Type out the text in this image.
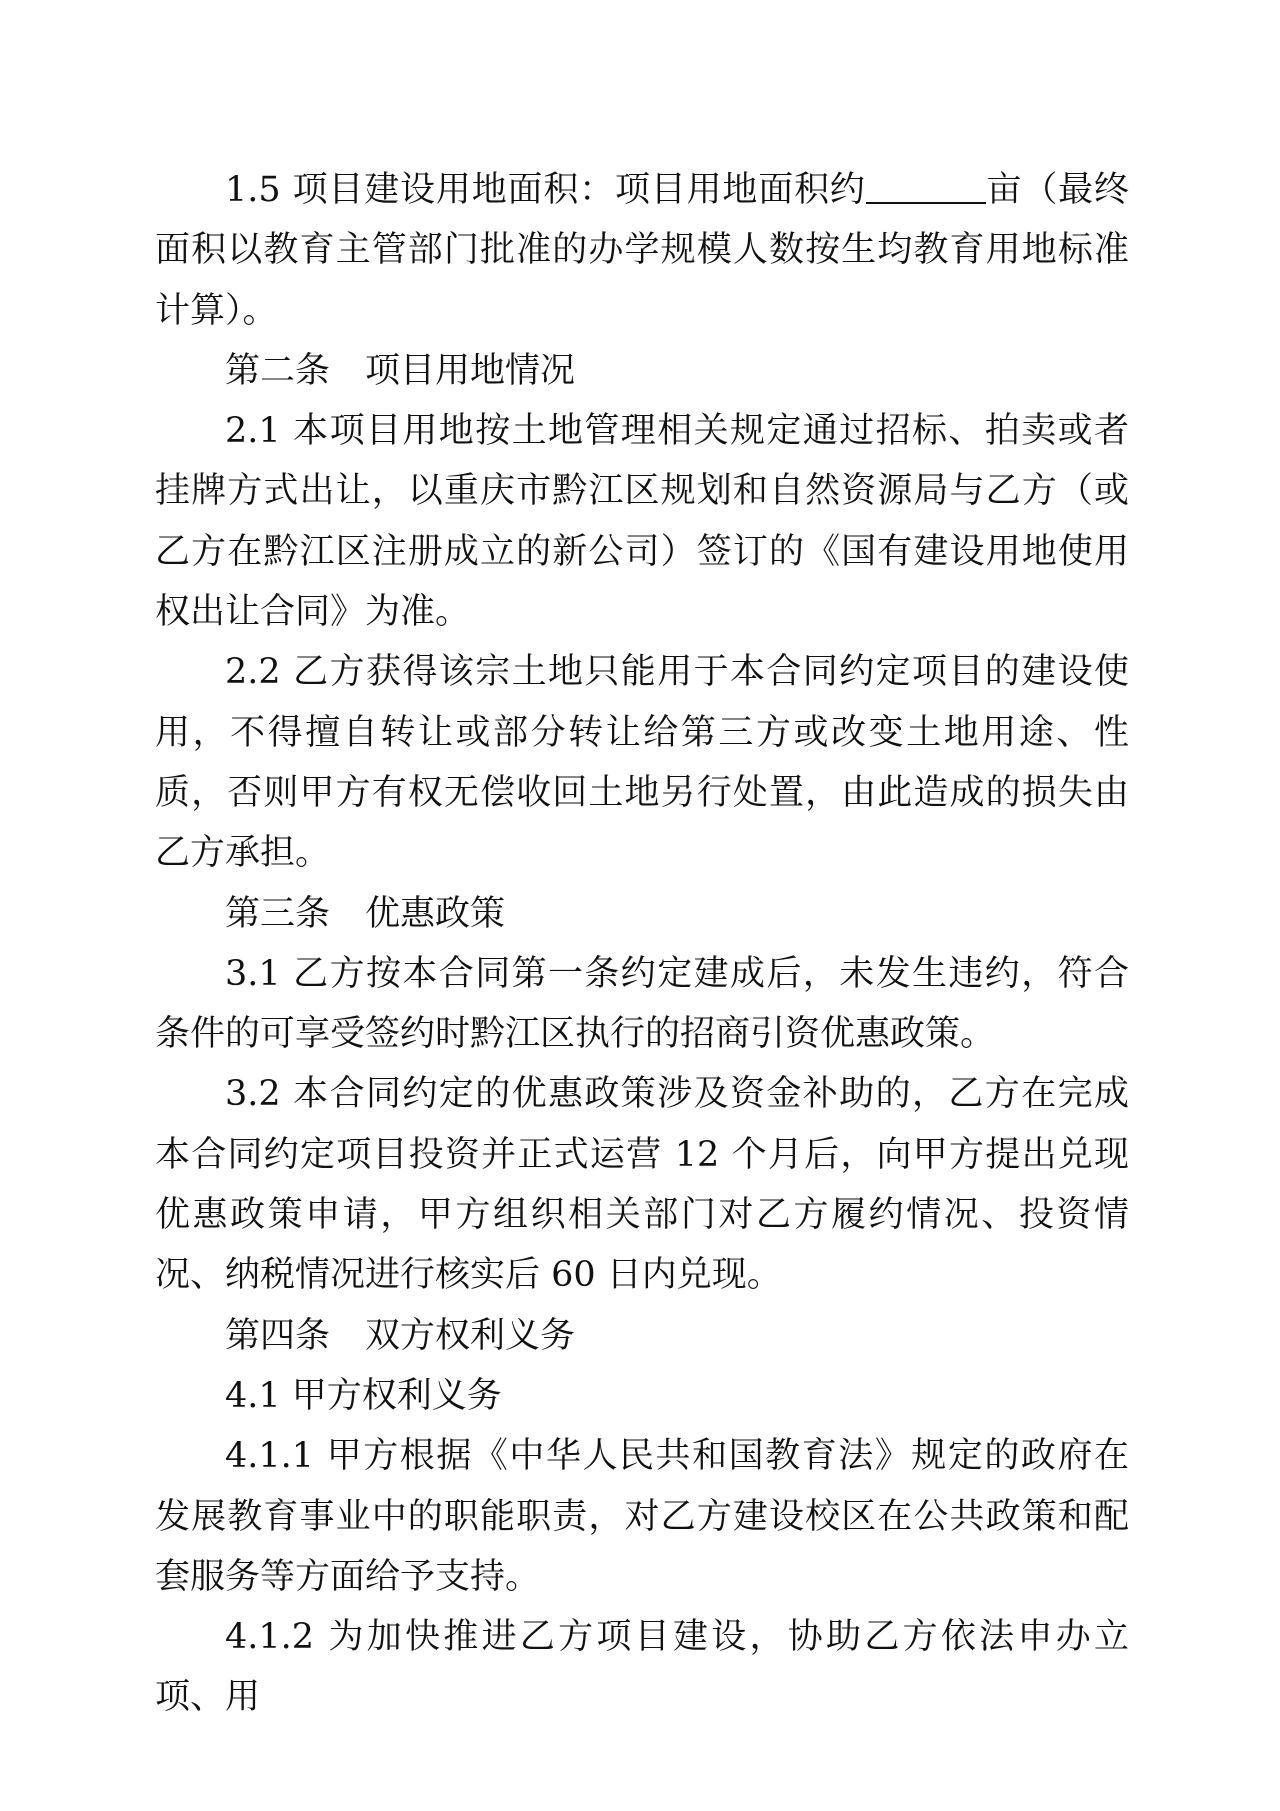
1.5 项目建设用地面积：项目用地面积约	亩（最终面积以教育主管部门批准的办学规模人数按生均教育用地标准计算）。

第二条 项目用地情况

2.1 本项目用地按土地管理相关规定通过招标、拍卖或者挂牌方式出让，以重庆市黔江区规划和自然资源局与乙方（或乙方在黔江区注册成立的新公司）签订的《国有建设用地使用权出让合同》为准。

2.2 乙方获得该宗土地只能用于本合同约定项目的建设使用，不得擅自转让或部分转让给第三方或改变土地用途、性质，否则甲方有权无偿收回土地另行处置，由此造成的损失由乙方承担。

第三条 优惠政策

3.1 乙方按本合同第一条约定建成后，未发生违约，符合条件的可享受签约时黔江区执行的招商引资优惠政策。

3.2 本合同约定的优惠政策涉及资金补助的，乙方在完成本合同约定项目投资并正式运营 12 个月后，向甲方提出兑现优惠政策申请，甲方组织相关部门对乙方履约情况、投资情况、纳税情况进行核实后 60 日内兑现。

第四条 双方权利义务

4.1 甲方权利义务

4.1.1 甲方根据《中华人民共和国教育法》规定的政府在发展教育事业中的职能职责，对乙方建设校区在公共政策和配套服务等方面给予支持。

4.1.2 为加快推进乙方项目建设，协助乙方依法申办立项、用
